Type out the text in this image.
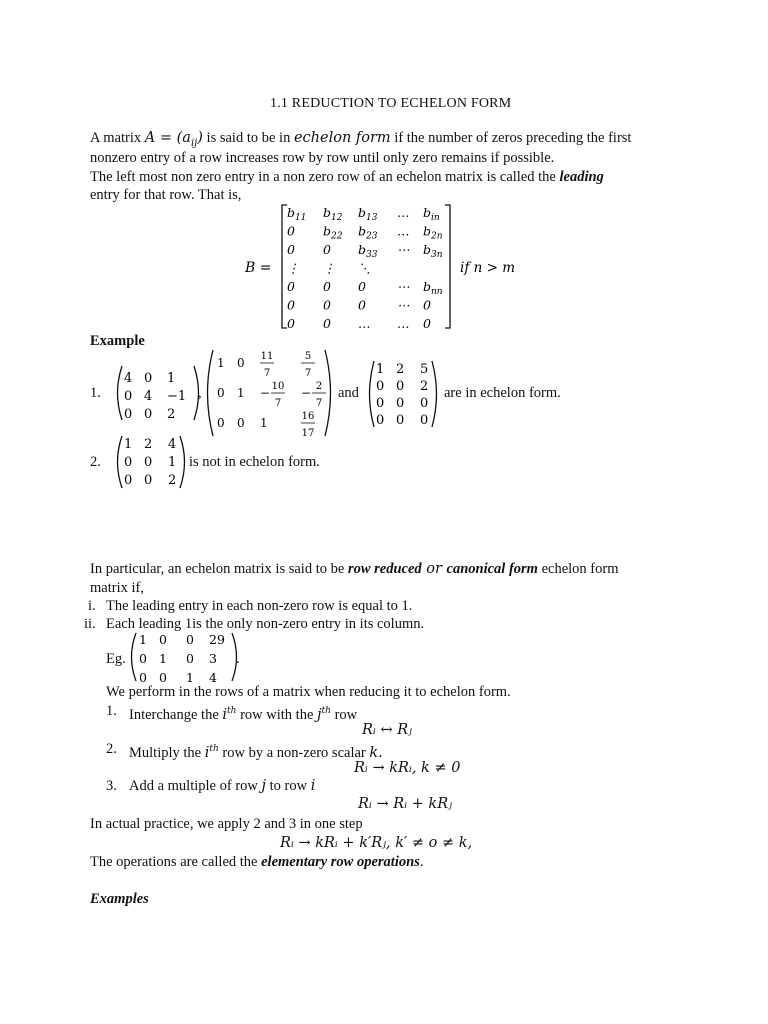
1.1 REDUCTION TO ECHELON FORM
A matrix $A = (a_{ij})$ is said to be in echelon form if the number of zeros preceding the first
nonzero entry of a row increases row by row until only zero remains if possible.
The left most non zero entry in a non zero row of an echelon matrix is called the leading
entry for that row. That is,
B =
$b_{11}$ $b_{12}$ $b_{13}$ … $b_{in}$
0 $b_{22}$ $b_{23}$ … $b_{2n}$
0 0 $b_{33}$ ⋯ $b_{3n}$
⋮ ⋮ ⋱
0 0 0 ⋯ $b_{nn}$
0 0 0 ⋯ 0
0 0 … … 0
if n > m
Example
1.
4 0 1
0 4 −1
0 0 2
,
1 0 11
7
5
7
0 1 − 10
7
− 2
7
0 0 1	16
17
and
1 2 5
0 0 2
0 0 0
0 0 0
are in echelon form.
2.
1 2 4
0 0 1
0 0 2
is not in echelon form.
In particular, an echelon matrix is said to be row reduced or canonical form echelon form
matrix if,
i. The leading entry in each non-zero row is equal to 1.
ii. Each leading 1is the only non-zero entry in its column.
Eg.
1 0 0 29
0 1 0 3
0 0 1 4
.
We perform in the rows of a matrix when reducing it to echelon form.
1. Interchange the $i^{th}$ row with the $j^{th}$ row
Rᵢ ↔ Rⱼ
2. Multiply the $i^{th}$ row by a non-zero scalar k.
Rᵢ → kRᵢ, k ≠ 0
3. Add a multiple of row j to row i
Rᵢ → Rᵢ + kRⱼ
In actual practice, we apply 2 and 3 in one step
Rᵢ → kRᵢ + k′Rⱼ, k′ ≠ o ≠ k,
The operations are called the elementary row operations.
Examples
